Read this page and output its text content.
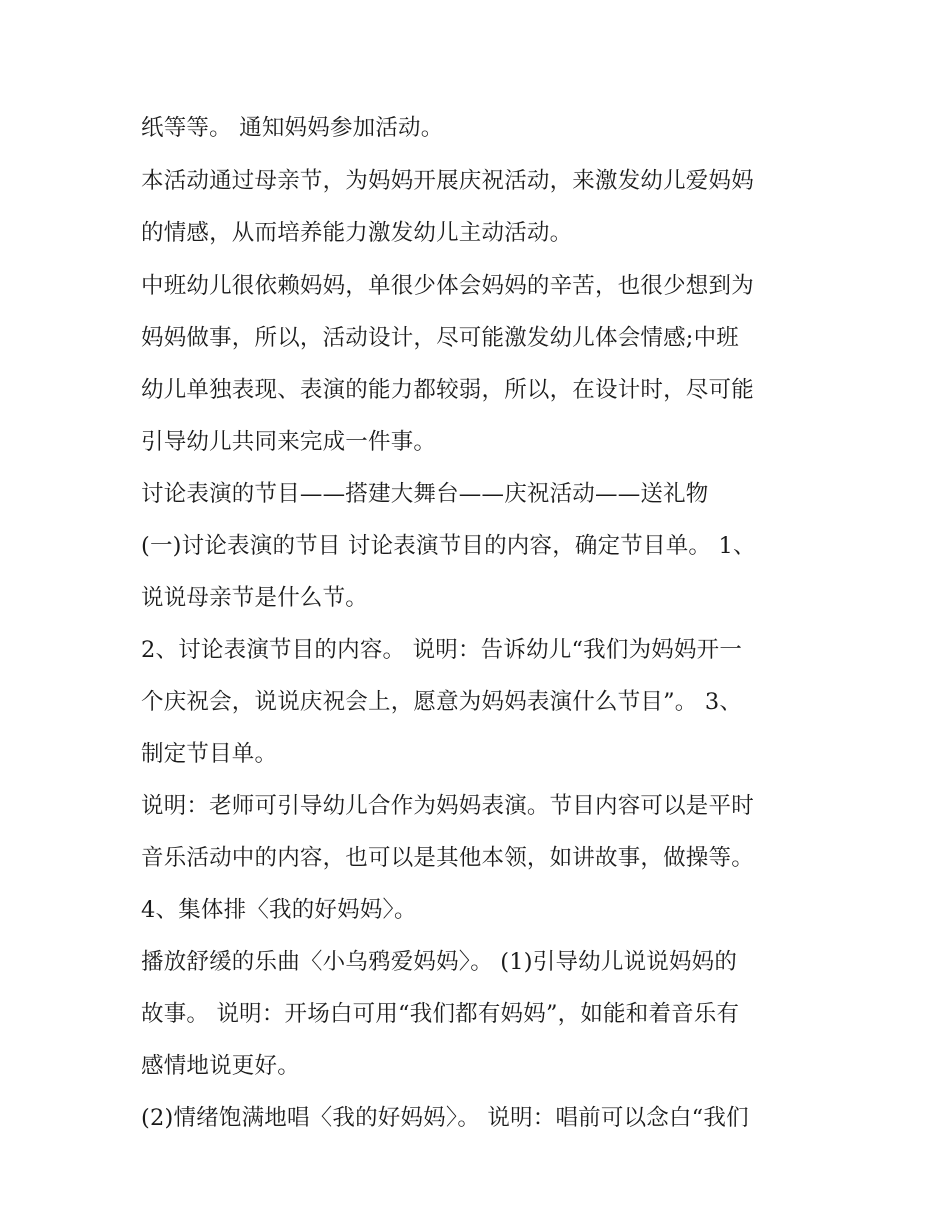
纸等等。 通知妈妈参加活动。
本活动通过母亲节，为妈妈开展庆祝活动，来激发幼儿爱妈妈
的情感，从而培养能力激发幼儿主动活动。
中班幼儿很依赖妈妈，单很少体会妈妈的辛苦，也很少想到为
妈妈做事，所以，活动设计，尽可能激发幼儿体会情感;中班
幼儿单独表现、表演的能力都较弱，所以，在设计时，尽可能
引导幼儿共同来完成一件事。
讨论表演的节目——搭建大舞台——庆祝活动——送礼物
(一)讨论表演的节目 讨论表演节目的内容，确定节目单。 1、
说说母亲节是什么节。
2、讨论表演节目的内容。 说明：告诉幼儿“我们为妈妈开一
个庆祝会，说说庆祝会上，愿意为妈妈表演什么节目”。 3、
制定节目单。
说明：老师可引导幼儿合作为妈妈表演。节目内容可以是平时
音乐活动中的内容，也可以是其他本领，如讲故事，做操等。
4、集体排〈我的好妈妈〉。
播放舒缓的乐曲〈小乌鸦爱妈妈〉。 (1)引导幼儿说说妈妈的
故事。 说明：开场白可用“我们都有妈妈”，如能和着音乐有
感情地说更好。
(2)情绪饱满地唱〈我的好妈妈〉。 说明：唱前可以念白“我们
